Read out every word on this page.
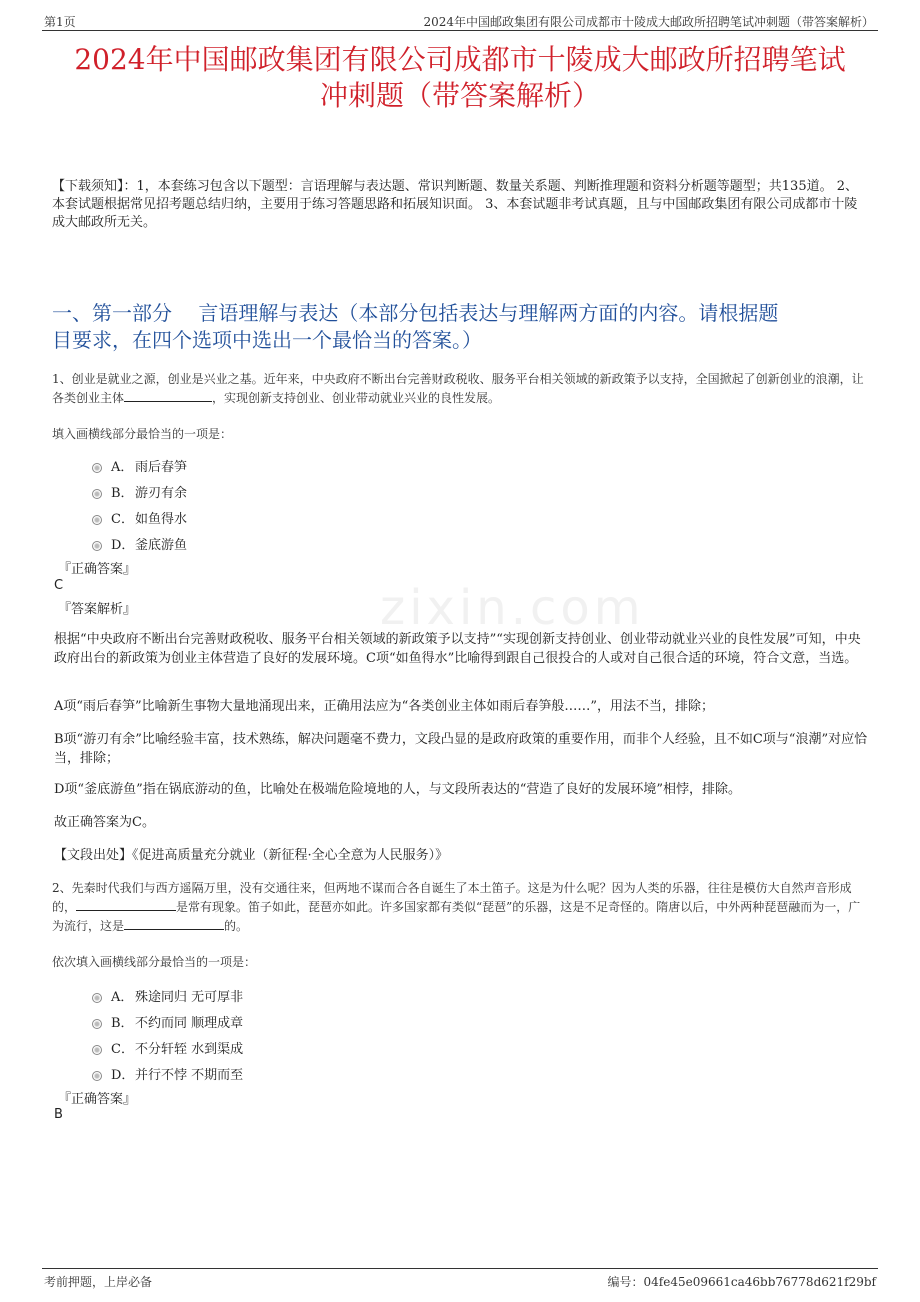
第1页	2024年中国邮政集团有限公司成都市十陵成大邮政所招聘笔试冲刺题（带答案解析）
2024年中国邮政集团有限公司成都市十陵成大邮政所招聘笔试
冲刺题（带答案解析）
【下载须知】：1，本套练习包含以下题型：言语理解与表达题、常识判断题、数量关系题、判断推理题和资料分析题等题型；共135道。 2、本套试题根据常见招考题总结归纳，主要用于练习答题思路和拓展知识面。 3、本套试题非考试真题，且与中国邮政集团有限公司成都市十陵成大邮政所无关。
一、第一部分　 言语理解与表达（本部分包括表达与理解两方面的内容。请根据题
目要求，在四个选项中选出一个最恰当的答案。）
zixin.com
1、创业是就业之源，创业是兴业之基。近年来，中央政府不断出台完善财政税收、服务平台相关领域的新政策予以支持，全国掀起了创新创业的浪潮，让各类创业主体	，实现创新支持创业、创业带动就业兴业的良性发展。
填入画横线部分最恰当的一项是：
A． 雨后春笋
B． 游刃有余
C． 如鱼得水
D． 釜底游鱼
『正确答案』
C
『答案解析』
根据“中央政府不断出台完善财政税收、服务平台相关领域的新政策予以支持”“实现创新支持创业、创业带动就业兴业的良性发展”可知，中央政府出台的新政策为创业主体营造了良好的发展环境。C项“如鱼得水”比喻得到跟自己很投合的人或对自己很合适的环境，符合文意，当选。
A项“雨后春笋”比喻新生事物大量地涌现出来，正确用法应为“各类创业主体如雨后春笋般……”，用法不当，排除；
B项“游刃有余”比喻经验丰富，技术熟练，解决问题毫不费力，文段凸显的是政府政策的重要作用，而非个人经验，且不如C项与“浪潮”对应恰当，排除；
D项“釜底游鱼”指在锅底游动的鱼，比喻处在极端危险境地的人，与文段所表达的“营造了良好的发展环境”相悖，排除。
故正确答案为C。
【文段出处】《促进高质量充分就业（新征程·全心全意为人民服务）》
2、先秦时代我们与西方遥隔万里，没有交通往来，但两地不谋而合各自诞生了本土笛子。这是为什么呢？因为人类的乐器，往往是模仿大自然声音形成的，	是常有现象。笛子如此，琵琶亦如此。许多国家都有类似“琵琶”的乐器，这是不足奇怪的。隋唐以后，中外两种琵琶融而为一，广为流行，这是	的。
依次填入画横线部分最恰当的一项是：
A． 殊途同归 无可厚非
B． 不约而同 顺理成章
C． 不分轩轾 水到渠成
D． 并行不悖 不期而至
『正确答案』
B
考前押题，上岸必备	编号：04fe45e09661ca46bb76778d621f29bf
